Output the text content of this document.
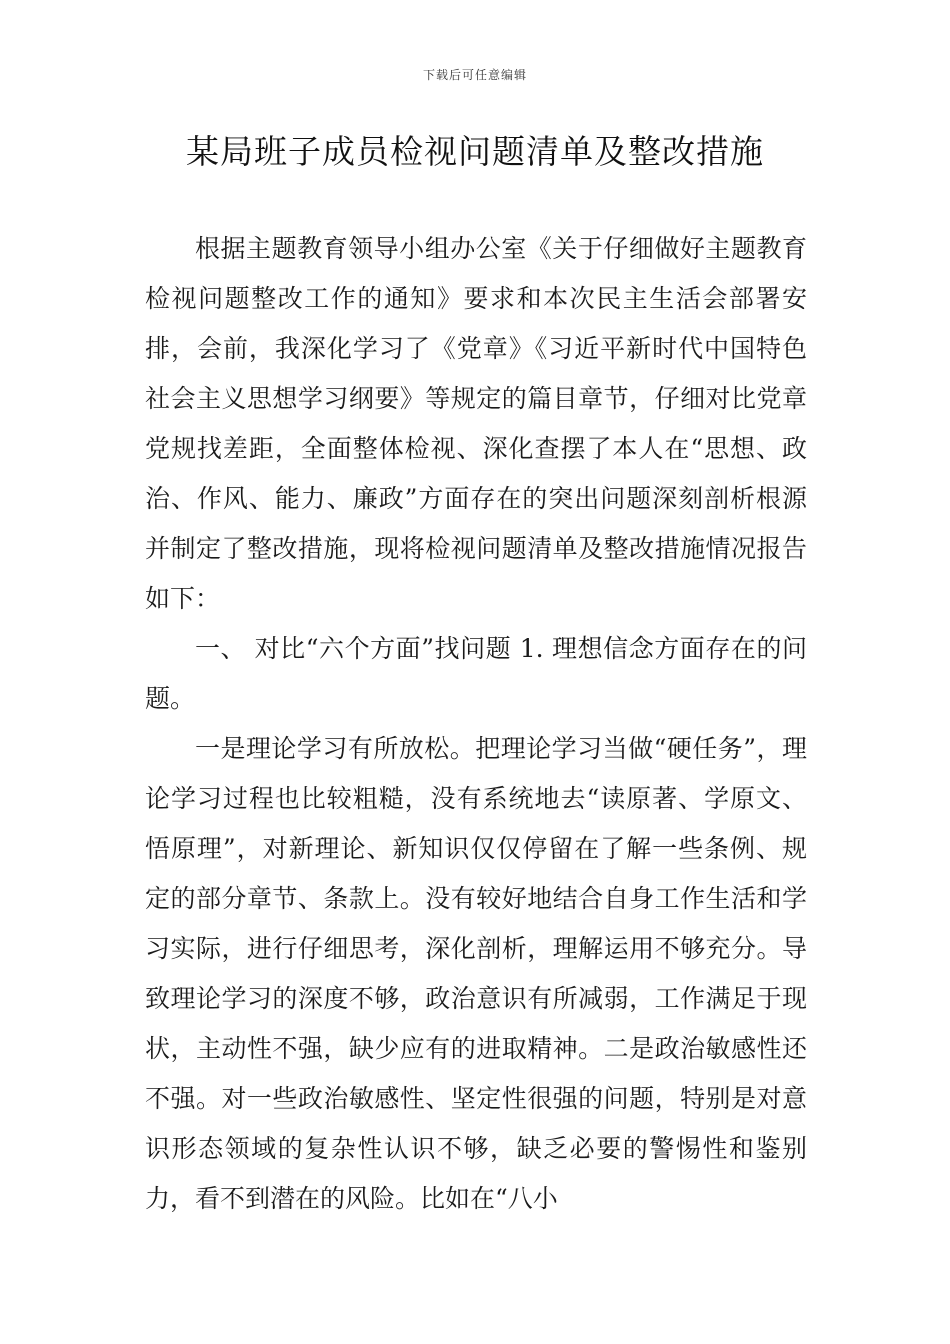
下载后可任意编辑
某局班子成员检视问题清单及整改措施

根据主题教育领导小组办公室《关于仔细做好主题教育检视问题整改工作的通知》要求和本次民主生活会部署安排，会前，我深化学习了《党章》《习近平新时代中国特色社会主义思想学习纲要》等规定的篇目章节，仔细对比党章党规找差距，全面整体检视、深化查摆了本人在“思想、政治、作风、能力、廉政”方面存在的突出问题深刻剖析根源并制定了整改措施，现将检视问题清单及整改措施情况报告如下：

一、 对比“六个方面”找问题 1. 理想信念方面存在的问题。

一是理论学习有所放松。把理论学习当做“硬任务”，理论学习过程也比较粗糙，没有系统地去“读原著、学原文、悟原理”，对新理论、新知识仅仅停留在了解一些条例、规定的部分章节、条款上。没有较好地结合自身工作生活和学习实际，进行仔细思考，深化剖析，理解运用不够充分。导致理论学习的深度不够，政治意识有所减弱，工作满足于现状，主动性不强，缺少应有的进取精神。二是政治敏感性还不强。对一些政治敏感性、坚定性很强的问题，特别是对意识形态领域的复杂性认识不够，缺乏必要的警惕性和鉴别力，看不到潜在的风险。比如在“八小
